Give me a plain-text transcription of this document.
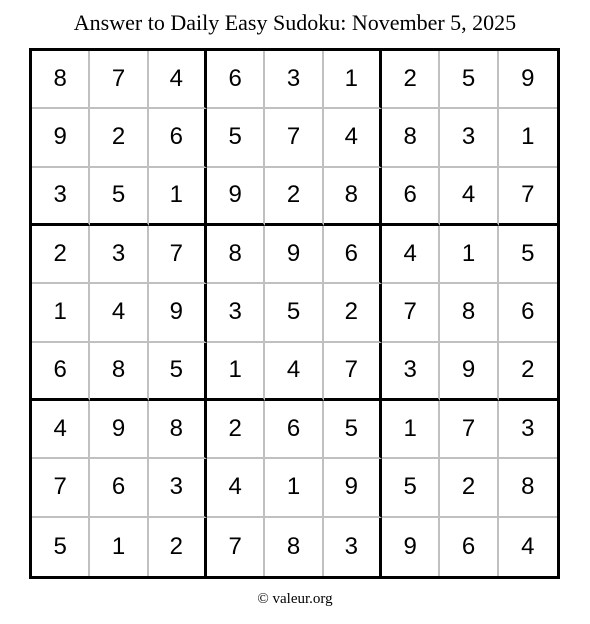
Answer to Daily Easy Sudoku: November 5, 2025
8	7	4	6	3	1	2	5	9
9	2	6	5	7	4	8	3	1
3	5	1	9	2	8	6	4	7
2	3	7	8	9	6	4	1	5
1	4	9	3	5	2	7	8	6
6	8	5	1	4	7	3	9	2
4	9	8	2	6	5	1	7	3
7	6	3	4	1	9	5	2	8
5	1	2	7	8	3	9	6	4
© valeur.org
